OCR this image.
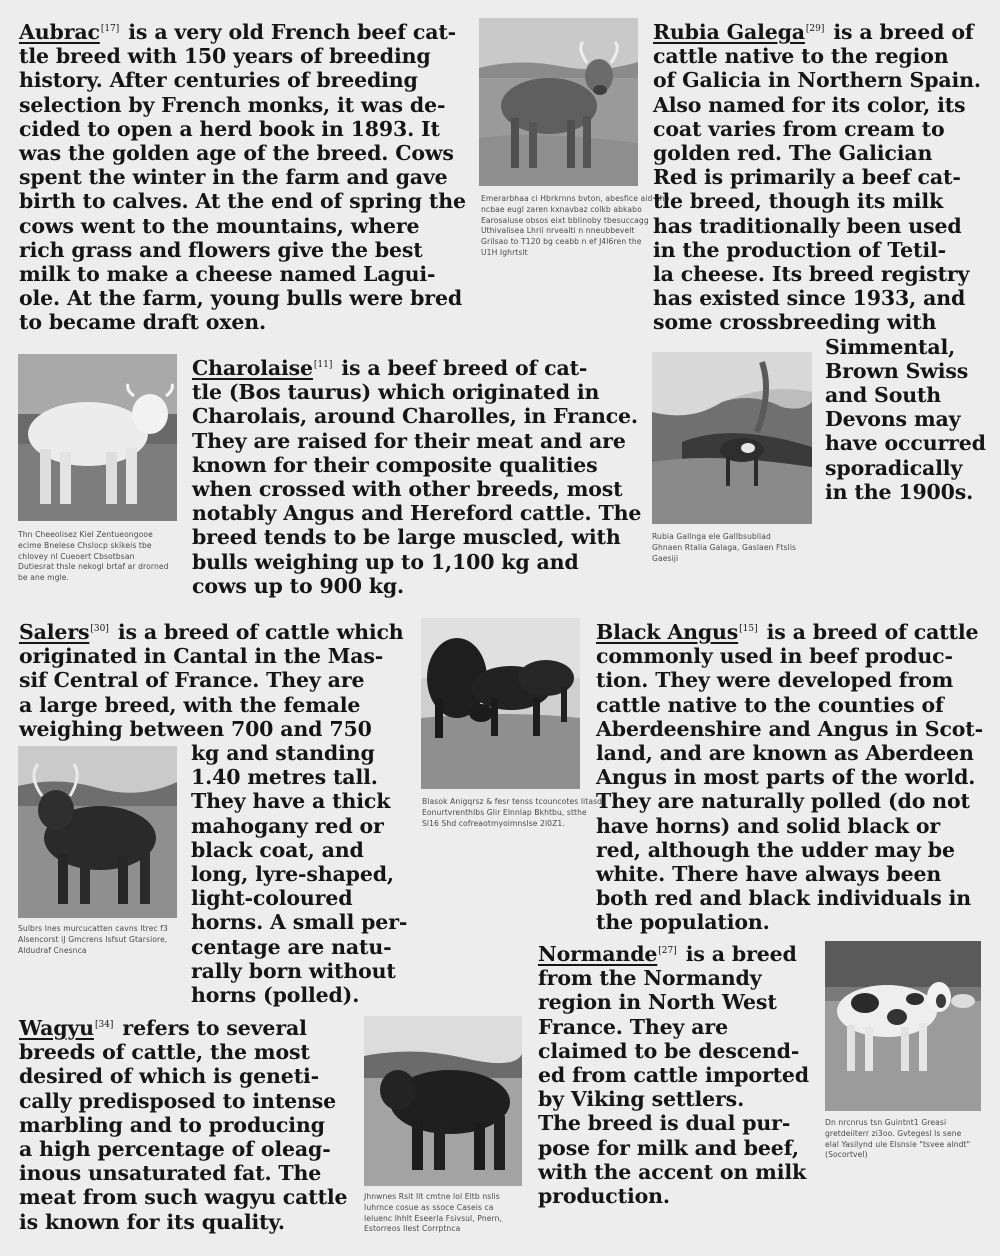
Emerarbhaa ci Hbrkrnns bvton, abesfice aid nho
ncbae eugl zaren kxnavbaz colkb abkabo
Earosaluse obsos eixt bblinoby tbesuccagg
Uthivalisea Lhrii nrvealti n nneubbevelt
Grilsao to T120 bg ceabb n ef J4l6ren the
U1H Ighrtslt
Rubia Gallnga ele Gallbsubliad
Ghnaen Rtalia Galaga, Gaslaen Ftslis
Gaesiji
Thn Cheeolisez Kiel Zentueongooe
ecime Bnelese Chslocp skikeis tbe
chlovey nl Cueoert Cbsotbsan
Dutiesrat thsle nekogl brtaf ar drorned
be ane mgle.
Blasok Anigqrsz & fesr tenss tcouncotes litasd
Eonurtvrenthlbs Glir Elnnlap Bkhtbu, stthe
Sl16 Shd cofreaotmyoimnslse 2l0Z1.
Sulbrs lnes murcucatten cavns ltrec f3
Alsencorst iJ Gmcrens Isfsut Gtarsiore,
Aldudraf Cnesnca
Dn nrcnrus tsn Guintnt1 Greasi
gretdeiiterr zi3oo. Gvtegesl ls sene
elal Yasilynd ule Elsnsie "tsvee alndt"
(Socortvel)
Jhnwnes Rsit llt cmtne lol Eltb nslis
Iuhrnce cosue as ssoce Caseis ca
Ieluenc lhhlt Eseerla Fsivsul, Pnern,
Estorreos Ilest Corrptnca
Aubrac[17] is a very old French beef cat-
tle breed with 150 years of breeding
history. After centuries of breeding
selection by French monks, it was de-
cided to open a herd book in 1893. It
was the golden age of the breed. Cows
spent the winter in the farm and gave
birth to calves. At the end of spring the
cows went to the mountains, where
rich grass and flowers give the best
milk to make a cheese named Lagui-
ole. At the farm, young bulls were bred
to became draft oxen.
Rubia Galega[29] is a breed of
cattle native to the region
of Galicia in Northern Spain.
Also named for its color, its
coat varies from cream to
golden red. The Galician
Red is primarily a beef cat-
tle breed, though its milk
has traditionally been used
in the production of Tetil-
la cheese. Its breed registry
has existed since 1933, and
some crossbreeding with
Simmental,
Brown Swiss
and South
Devons may
have occurred
sporadically
in the 1900s.
Charolaise[11] is a beef breed of cat-
tle (Bos taurus) which originated in
Charolais, around Charolles, in France.
They are raised for their meat and are
known for their composite qualities
when crossed with other breeds, most
notably Angus and Hereford cattle. The
breed tends to be large muscled, with
bulls weighing up to 1,100 kg and
cows up to 900 kg.
Salers[30] is a breed of cattle which
originated in Cantal in the Mas-
sif Central of France. They are
a large breed, with the female
weighing between 700 and 750
kg and standing
1.40 metres tall.
They have a thick
mahogany red or
black coat, and
long, lyre-shaped,
light-coloured
horns. A small per-
centage are natu-
rally born without
horns (polled).
Black Angus[15] is a breed of cattle
commonly used in beef produc-
tion. They were developed from
cattle native to the counties of
Aberdeenshire and Angus in Scot-
land, and are known as Aberdeen
Angus in most parts of the world.
They are naturally polled (do not
have horns) and solid black or
red, although the udder may be
white. There have always been
both red and black individuals in
the population.
Normande[27] is a breed
from the Normandy
region in North West
France. They are
claimed to be descend-
ed from cattle imported
by Viking settlers.
The breed is dual pur-
pose for milk and beef,
with the accent on milk
production.
Wagyu[34] refers to several
breeds of cattle, the most
desired of which is geneti-
cally predisposed to intense
marbling and to producing
a high percentage of oleag-
inous unsaturated fat. The
meat from such wagyu cattle
is known for its quality.
